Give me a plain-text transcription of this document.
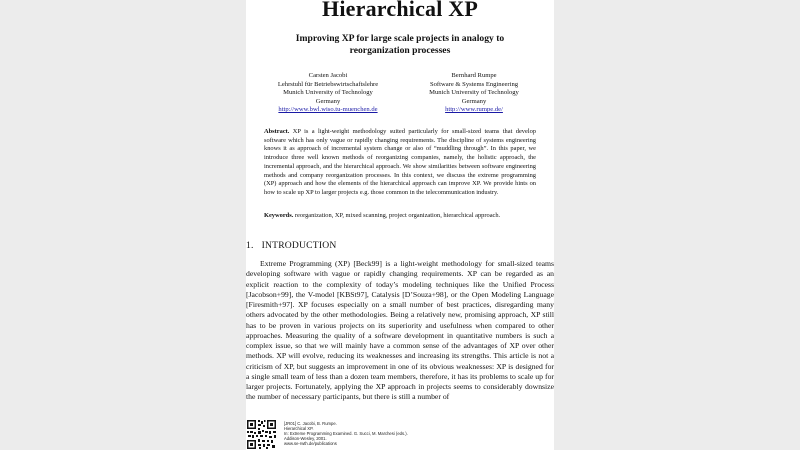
Hierarchical XP
Improving XP for large scale projects in analogy to reorganization processes
Carsten Jacobi
Lehrstuhl für Betriebswirtschaftslehre
Munich University of Technology
Germany
http://www.bwl.wiso.tu-muenchen.de
Bernhard Rumpe
Software & Systems Engineering
Munich University of Technology
Germany
http://www.rumpe.de/
Abstract. XP is a light-weight methodology suited particularly for small-sized teams that develop software which has only vague or rapidly changing requirements. The discipline of systems engineering knows it as approach of incremental system change or also of “muddling through”. In this paper, we introduce three well known methods of reorganizing companies, namely, the holistic approach, the incremental approach, and the hierarchical approach. We show similarities between software engineering methods and company reorganization processes. In this context, we discuss the extreme programming (XP) approach and how the elements of the hierarchical approach can improve XP. We provide hints on how to scale up XP to larger projects e.g. those common in the telecommunication industry.
Keywords. reorganization, XP, mixed scanning, project organization, hierarchical approach.
1. INTRODUCTION

Extreme Programming (XP) [Beck99] is a light-weight methodology for small-sized teams developing software with vague or rapidly changing requirements. XP can be regarded as an explicit reaction to the complexity of today’s modeling techniques like the Unified Process [Jacobson+99], the V-model [KBSt97], Catalysis [D’Souza+98], or the Open Modeling Language [Firesmith+97]. XP focuses especially on a small number of best practices, disregarding many others advocated by the other methodologies. Being a relatively new, promising approach, XP still has to be proven in various projects on its superiority and usefulness when compared to other approaches. Measuring the quality of a software development in quantitative numbers is such a complex issue, so that we will mainly have a common sense of the advantages of XP over other methods. XP will evolve, reducing its weaknesses and increasing its strengths. This article is not a criticism of XP, but suggests an improvement in one of its obvious weaknesses: XP is designed for a single small team of less than a dozen team members, therefore, it has its problems to scale up for larger projects. Fortunately, applying the XP approach in projects seems to considerably downsize the number of necessary participants, but there is still a number of

[JR01] C. Jacobi, B. Rumpe.
Hierarchical XP.
In: Extreme Programming Examined. G. Succi, M. Marchesi (eds.).
Addison-Wesley, 2001.
www.se-rwth.de/publications
